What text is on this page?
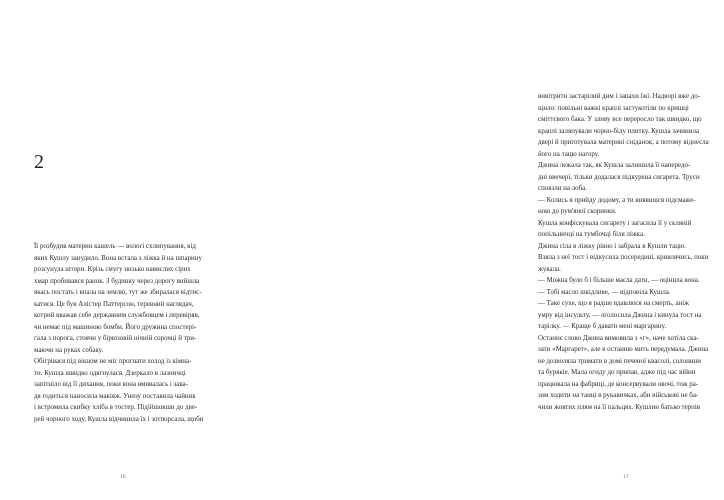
2
Її розбудив материн кашель — вологі схлипування, від
яких Кушлу занудило. Вона встала з ліжка й на шпарину
розсунула штори. Крізь смугу низько навислих сірих
хмар пробивався ранок. З будинку через дорогу вийшла
якась постать і впала на землю, тут же збиралася відтис-
катися. Це був Алістер Паттерсон, теревний наглядач,
котрий вважав себе державним службовцем і перевіряв,
чи немає під машиною бомби. Його дружина спостері-
гала з порога, стоячи у бірюзовій нічній сорочці й три-
маючи на руках собаку.
Обігріваєя під вікном не міг прогнати холод із кімна-
ти. Кушла швидко одягнулася. Дзеркало в лазничці
запітніло від її дихання, поки вона вмивалась і зава-
дя годиться наносила макіяж. Унизу поставила чайник
і встромила скибку хліба в тостер. Підійшовши до две-
рей чорного ходу, Кушла відчинила їх і зотпорсала, щоби
16
вивітрити застарілий дим і запахи їжі. Надворі вже до-
щило: повільні важкі краплі застукотіли по кришці
сміттєвого бака. У зливу все переросло так швидко, що
краплі заляпували чорно-білу плитку. Кушла зачинила
двері й приготувала материні сніданок, а потому віднесла
його на тацю нагору.
Джина лежала так, як Кушла залишила її напередо-
дні ввечері, тільки додалася підкурена сигарета. Труси
сповзли на лоба.
— Колись я прийду додому, а ти виявишся підсмаже-
ною до рум'яної скоринки.
Кушла конфіскувала сигарету і загасила її у скляній
попільничці на тумбочці біля ліжка.
Джина сіла в ліжку рівно і забрала в Кушли тацю.
Взяла з неї тост і відкусила посередині, кривлячись, поки
жувала.
— Можна було б і більше масла дати, — оцінила вона.
— Тобі масло шкідливе, — відповіла Кушла.
— Таке сухе, що я радше вдавлюся на смерть, аніж
умру від інсульту, — оголосила Джина і кинула тост на
тарілку. — Краще б давати мені маргарину.
Останнє слово Джина вимовила з «г», наче хотіла ска-
зати «Маргарет», але в останню мить передумала. Джина
не дозволяла тримати в домі печеної квасолі, солонини
та бурякіе. Мала огиду до припав, адже під час війни
працювала на фабриці, де консервували овочі, тож ра-
зом ходити на танці в рукавичках, аби військові не ба-
чили жовтих плям на її пальцях. Кушлин батько терпів
17
